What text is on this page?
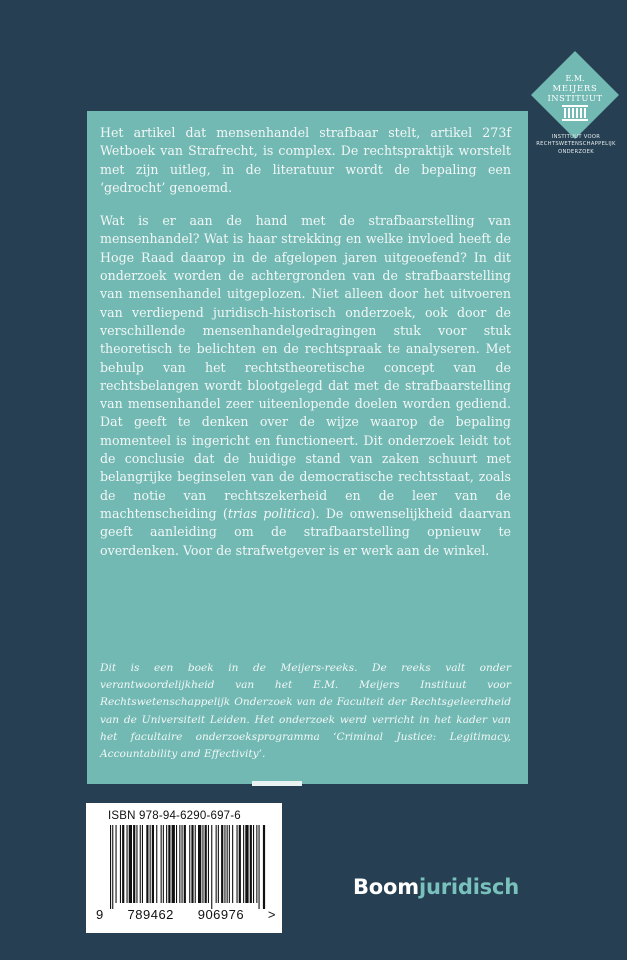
Het artikel dat mensenhandel strafbaar stelt, artikel 273f Wetboek van Strafrecht, is complex. De rechtspraktijk worstelt met zijn uitleg, in de literatuur wordt de bepaling een ‘gedrocht’ genoemd.

Wat is er aan de hand met de strafbaarstelling van mensenhandel? Wat is haar strekking en welke invloed heeft de Hoge Raad daarop in de afgelopen jaren uitgeoefend? In dit onderzoek worden de achtergronden van de strafbaarstelling van mensenhandel uitgeplozen. Niet alleen door het uitvoeren van verdiepend juridisch-historisch onderzoek, ook door de verschillende mensenhandelgedragingen stuk voor stuk theoretisch te belichten en de rechtspraak te analyseren. Met behulp van het rechtstheoretische concept van de rechtsbelangen wordt blootgelegd dat met de strafbaarstelling van mensenhandel zeer uiteenlopende doelen worden gediend. Dat geeft te denken over de wijze waarop de bepaling momenteel is ingericht en functioneert. Dit onderzoek leidt tot de conclusie dat de huidige stand van zaken schuurt met belangrijke beginselen van de democratische rechtsstaat, zoals de notie van rechtszekerheid en de leer van de machtenscheiding (trias politica). De onwenselijkheid daarvan geeft aanleiding om de strafbaarstelling opnieuw te overdenken. Voor de strafwetgever is er werk aan de winkel.

Dit is een boek in de Meijers-reeks. De reeks valt onder verantwoordelijkheid van het E.M. Meijers Instituut voor Rechtswetenschappelijk Onderzoek van de Faculteit der Rechtsgeleerdheid van de Universiteit Leiden. Het onderzoek werd verricht in het kader van het facultaire onderzoeksprogramma ‘Criminal Justice: Legitimacy, Accountability and Effectivity’.
E.M.
MEIJERS
INSTITUUT
INSTITUUT VOOR
RECHTSWETENSCHAPPELIJK
ONDERZOEK
ISBN 978-94-6290-697-6
9 789462 906976 >
Boomjuridisch
